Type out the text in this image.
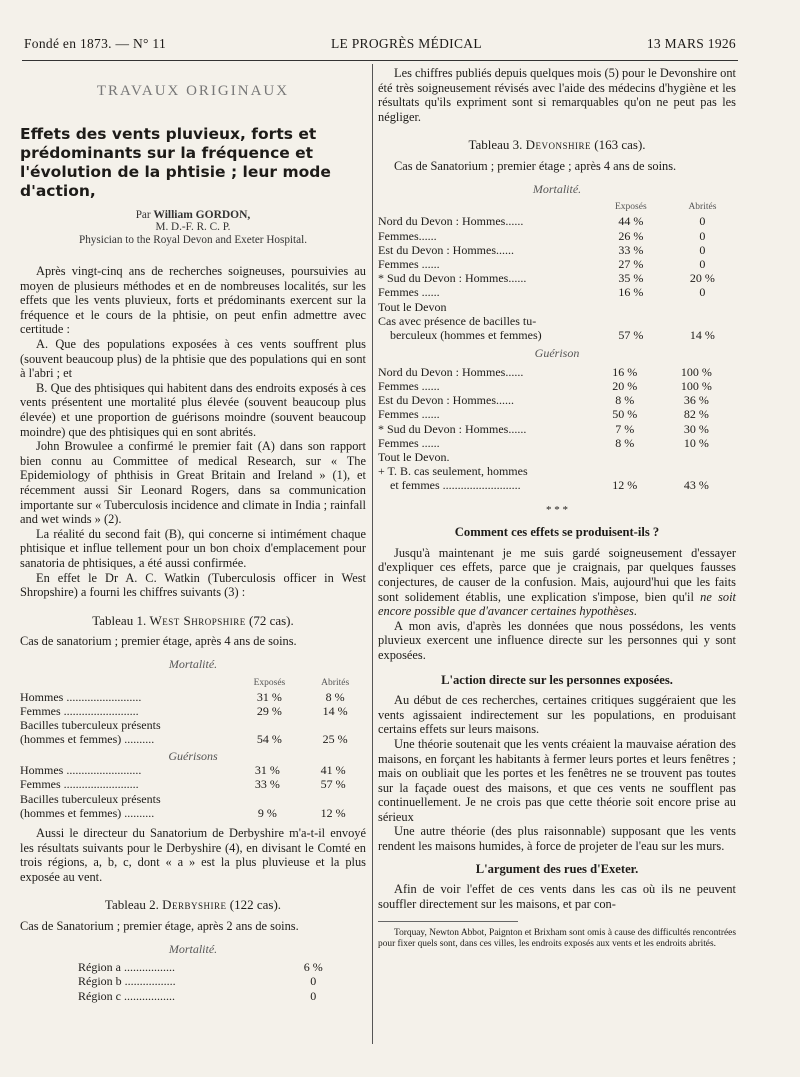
Fondé en 1873. — N° 11	LE PROGRÈS MÉDICAL	13 MARS 1926
TRAVAUX ORIGINAUX

Effets des vents pluvieux, forts et prédominants sur la fréquence et l'évolution de la phtisie ; leur mode d'action,

Par William GORDON,
M. D.-F. R. C. P.
Physician to the Royal Devon and Exeter Hospital.

Après vingt-cinq ans de recherches soigneuses, poursuivies au moyen de plusieurs méthodes et en de nombreuses localités, sur les effets que les vents pluvieux, forts et prédominants exercent sur la fréquence et le cours de la phtisie, on peut enfin admettre avec certitude :

A. Que des populations exposées à ces vents souffrent plus (souvent beaucoup plus) de la phtisie que des populations qui en sont à l'abri ; et

B. Que des phtisiques qui habitent dans des endroits exposés à ces vents présentent une mortalité plus élevée (souvent beaucoup plus élevée) et une proportion de guérisons moindre (souvent beaucoup moindre) que des phtisiques qui en sont abrités.

John Browulee a confirmé le premier fait (A) dans son rapport bien connu au Committee of medical Research, sur « The Epidemiology of phthisis in Great Britain and Ireland » (1), et récemment aussi Sir Leonard Rogers, dans sa communication importante sur « Tuberculosis incidence and climate in India ; rainfall and wet winds » (2).

La réalité du second fait (B), qui concerne si intimément chaque phtisique et influe tellement pour un bon choix d'emplacement pour sanatoria de phtisiques, a été aussi confirmée.

En effet le Dr A. C. Watkin (Tuberculosis officer in West Shropshire) a fourni les chiffres suivants (3) :

Tableau 1. West Shropshire (72 cas).

Cas de sanatorium ; premier étage, après 4 ans de soins.

Mortalité.
	Exposés	Abrités
Hommes .........................	31 %	8 %
Femmes .........................	29 %	14 %
Bacilles tuberculeux présents		
(hommes et femmes) ..........	54 %	25 %
Guérisons
Hommes .........................	31 %	41 %
Femmes .........................	33 %	57 %
Bacilles tuberculeux présents		
(hommes et femmes) ..........	9 %	12 %

Aussi le directeur du Sanatorium de Derbyshire m'a-t-il envoyé les résultats suivants pour le Derbyshire (4), en divisant le Comté en trois régions, a, b, c, dont « a » est la plus pluvieuse et la plus exposée au vent.

Tableau 2. Derbyshire (122 cas).

Cas de Sanatorium ; premier étage, après 2 ans de soins.

Mortalité.
Région a .................	6 %
Région b .................	0
Région c .................	0

Les chiffres publiés depuis quelques mois (5) pour le Devonshire ont été très soigneusement révisés avec l'aide des médecins d'hygiène et les résultats qu'ils expriment sont si remarquables qu'on ne peut pas les négliger.

Tableau 3. Devonshire (163 cas).

Cas de Sanatorium ; premier étage ; après 4 ans de soins.

Mortalité.
	Exposés	Abrités
Nord du Devon : Hommes......	44 %	0
Femmes......	26 %	0
Est du Devon : Hommes......	33 %	0
Femmes ......	27 %	0
* Sud du Devon : Hommes......	35 %	20 %
Femmes ......	16 %	0
Tout le Devon		
Cas avec présence de bacilles tu-		
berculeux (hommes et femmes)	57 %	14 %
Guérison
Nord du Devon : Hommes......	16 %	100 %
Femmes ......	20 %	100 %
Est du Devon : Hommes......	8 %	36 %
Femmes ......	50 %	82 %
* Sud du Devon : Hommes......	7 %	30 %
Femmes ......	8 %	10 %
Tout le Devon.		
+ T. B. cas seulement, hommes		
et femmes ..........................	12 %	43 %
* * *
Comment ces effets se produisent-ils ?

Jusqu'à maintenant je me suis gardé soigneusement d'essayer d'expliquer ces effets, parce que je craignais, par quelques fausses conjectures, de causer de la confusion. Mais, aujourd'hui que les faits sont solidement établis, une explication s'impose, bien qu'il ne soit encore possible que d'avancer certaines hypothèses.

A mon avis, d'après les données que nous possédons, les vents pluvieux exercent une influence directe sur les personnes qui y sont exposées.

L'action directe sur les personnes exposées.

Au début de ces recherches, certaines critiques suggéraient que les vents agissaient indirectement sur les populations, en produisant certains effets sur leurs maisons.

Une théorie soutenait que les vents créaient la mauvaise aération des maisons, en forçant les habitants à fermer leurs portes et leurs fenêtres ; mais on oubliait que les portes et les fenêtres ne se trouvent pas toutes sur la façade ouest des maisons, et que ces vents ne soufflent pas continuellement. Je ne crois pas que cette théorie soit encore prise au sérieux

Une autre théorie (des plus raisonnable) supposant que les vents rendent les maisons humides, à force de projeter de l'eau sur les murs.

L'argument des rues d'Exeter.

Afin de voir l'effet de ces vents dans les cas où ils ne peuvent souffler directement sur les maisons, et par con-

Torquay, Newton Abbot, Paignton et Brixham sont omis à cause des difficultés rencontrées pour fixer quels sont, dans ces villes, les endroits exposés aux vents et les endroits abrités.
